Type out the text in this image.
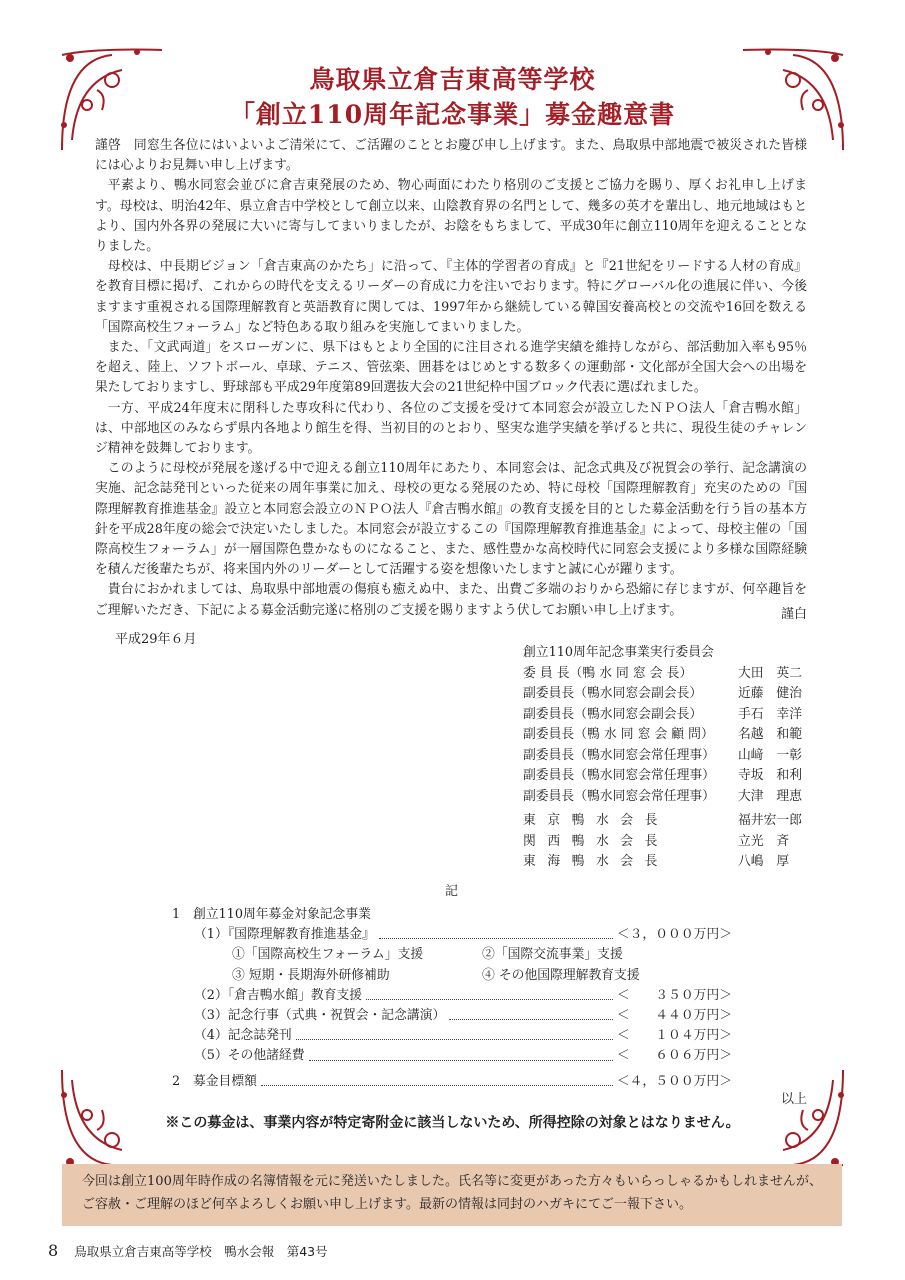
鳥取県立倉吉東高等学校
「創立110周年記念事業」募金趣意書

謹啓　同窓生各位にはいよいよご清栄にて、ご活躍のこととお慶び申し上げます。また、鳥取県中部地震で被災された皆様には心よりお見舞い申し上げます。

平素より、鴨水同窓会並びに倉吉東発展のため、物心両面にわたり格別のご支援とご協力を賜り、厚くお礼申し上げます。母校は、明治42年、県立倉吉中学校として創立以来、山陰教育界の名門として、幾多の英才を輩出し、地元地域はもとより、国内外各界の発展に大いに寄与してまいりましたが、お陰をもちまして、平成30年に創立110周年を迎えることとなりました。

母校は、中長期ビジョン「倉吉東高のかたち」に沿って、『主体的学習者の育成』と『21世紀をリードする人材の育成』を教育目標に掲げ、これからの時代を支えるリーダーの育成に力を注いでおります。特にグローバル化の進展に伴い、今後ますます重視される国際理解教育と英語教育に関しては、1997年から継続している韓国安養高校との交流や16回を数える「国際高校生フォーラム」など特色ある取り組みを実施してまいりました。

また、「文武両道」をスローガンに、県下はもとより全国的に注目される進学実績を維持しながら、部活動加入率も95％を超え、陸上、ソフトボール、卓球、テニス、管弦楽、囲碁をはじめとする数多くの運動部・文化部が全国大会への出場を果たしておりますし、野球部も平成29年度第89回選抜大会の21世紀枠中国ブロック代表に選ばれました。

一方、平成24年度末に閉科した専攻科に代わり、各位のご支援を受けて本同窓会が設立したＮＰＯ法人「倉吉鴨水館」は、中部地区のみならず県内各地より館生を得、当初目的のとおり、堅実な進学実績を挙げると共に、現役生徒のチャレンジ精神を鼓舞しております。

このように母校が発展を遂げる中で迎える創立110周年にあたり、本同窓会は、記念式典及び祝賀会の挙行、記念講演の実施、記念誌発刊といった従来の周年事業に加え、母校の更なる発展のため、特に母校「国際理解教育」充実のための『国際理解教育推進基金』設立と本同窓会設立のＮＰＯ法人『倉吉鴨水館』の教育支援を目的とした募金活動を行う旨の基本方針を平成28年度の総会で決定いたしました。本同窓会が設立するこの『国際理解教育推進基金』によって、母校主催の「国際高校生フォーラム」が一層国際色豊かなものになること、また、感性豊かな高校時代に同窓会支援により多様な国際経験を積んだ後輩たちが、将来国内外のリーダーとして活躍する姿を想像いたしますと誠に心が躍ります。

貴台におかれましては、鳥取県中部地震の傷痕も癒えぬ中、また、出費ご多端のおりから恐縮に存じますが、何卒趣旨をご理解いただき、下記による募金活動完遂に格別のご支援を賜りますよう伏してお願い申し上げます。	謹白
平成29年６月
創立110周年記念事業実行委員会
委 員 長（鴨 水 同 窓 会 長）	大田　英二
副委員長（鴨水同窓会副会長）	近藤　健治
副委員長（鴨水同窓会副会長）	手石　幸洋
副委員長（鴨 水 同 窓 会 顧 問）	名越　和範
副委員長（鴨水同窓会常任理事）	山﨑　一彰
副委員長（鴨水同窓会常任理事）	寺坂　和利
副委員長（鴨水同窓会常任理事）	大津　理恵
東京鴨水会長	福井宏一郎
関西鴨水会長	立光　斉
東海鴨水会長	八嶋　厚
記
1　創立110周年募金対象記念事業
（1）『国際理解教育推進基金』	＜３，０００万円＞
①「国際高校生フォーラム」支援	②「国際交流事業」支援
③ 短期・長期海外研修補助	④ その他国際理解教育支援
（2）「倉吉鴨水館」教育支援	＜　　３５０万円＞
（3）記念行事（式典・祝賀会・記念講演）	＜　　４４０万円＞
（4）記念誌発刊	＜　　１０４万円＞
（5）その他諸経費	＜　　６０６万円＞
2　募金目標額	＜４，５００万円＞
以上
※この募金は、事業内容が特定寄附金に該当しないため、所得控除の対象とはなりません。
今回は創立100周年時作成の名簿情報を元に発送いたしました。氏名等に変更があった方々もいらっしゃるかもしれませんが、ご容赦・ご理解のほど何卒よろしくお願い申し上げます。最新の情報は同封のハガキにてご一報下さい。
8 鳥取県立倉吉東高等学校　鴨水会報　第43号
